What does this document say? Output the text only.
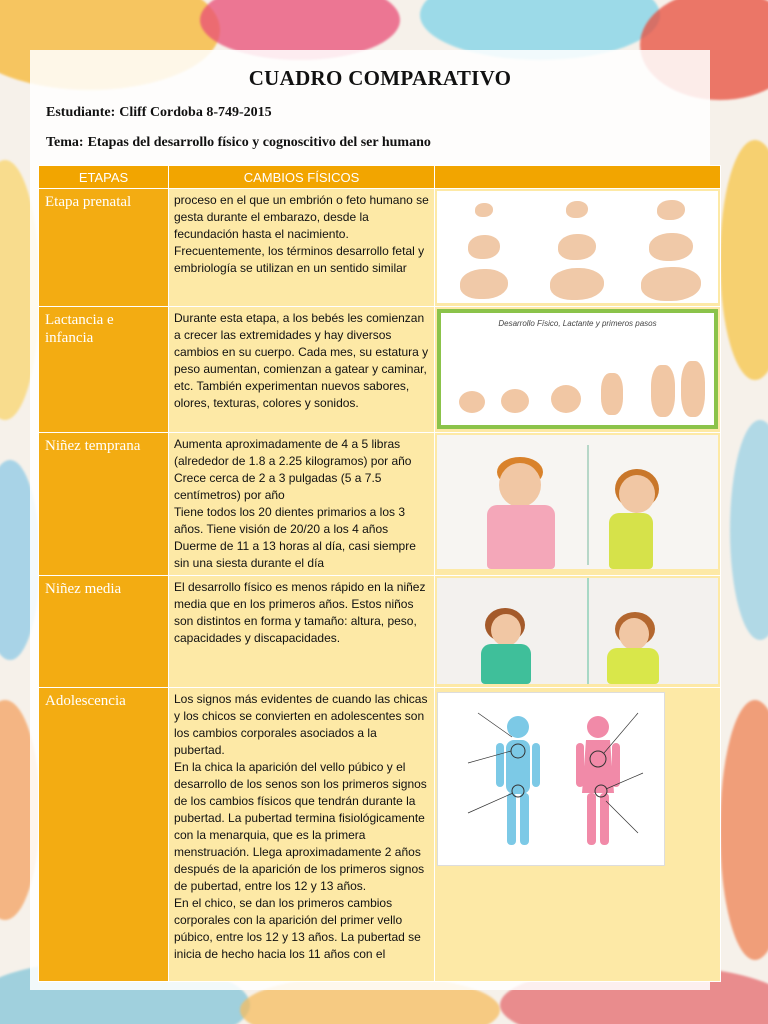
CUADRO COMPARATIVO
Estudiante: Cliff Cordoba 8-749-2015
Tema: Etapas del desarrollo físico y cognoscitivo del ser humano
ETAPAS	CAMBIOS FÍSICOS	
Etapa prenatal	proceso en el que un embrión o feto humano se gesta durante el embarazo, desde la fecundación hasta el nacimiento. Frecuentemente, los términos desarrollo fetal y embriología se utilizan en un sentido similar	

Lactancia e infancia	Durante esta etapa, a los bebés les comienzan a crecer las extremidades y hay diversos cambios en su cuerpo. Cada mes, su estatura y peso aumentan, comienzan a gatear y caminar, etc. También experimentan nuevos sabores, olores, texturas, colores y sonidos.	Desarrollo Físico, Lactante y primeros pasos

Niñez temprana	Aumenta aproximadamente de 4 a 5 libras (alrededor de 1.8 a 2.25 kilogramos) por año
Crece cerca de 2 a 3 pulgadas (5 a 7.5 centímetros) por año
Tiene todos los 20 dientes primarios a los 3 años. Tiene visión de 20/20 a los 4 años
Duerme de 11 a 13 horas al día, casi siempre sin una siesta durante el día	

Niñez media	El desarrollo físico es menos rápido en la niñez media que en los primeros años. Estos niños son distintos en forma y tamaño: altura, peso, capacidades y discapacidades.	

Adolescencia	Los signos más evidentes de cuando las chicas y los chicos se convierten en adolescentes son los cambios corporales asociados a la pubertad.
En la chica la aparición del vello púbico y el desarrollo de los senos son los primeros signos de los cambios físicos que tendrán durante la pubertad. La pubertad termina fisiológicamente con la menarquia, que es la primera menstruación. Llega aproximadamente 2 años después de la aparición de los primeros signos de pubertad, entre los 12 y 13 años.
En el chico, se dan los primeros cambios corporales con la aparición del primer vello púbico, entre los 12 y 13 años. La pubertad se inicia de hecho hacia los 11 años con el	
